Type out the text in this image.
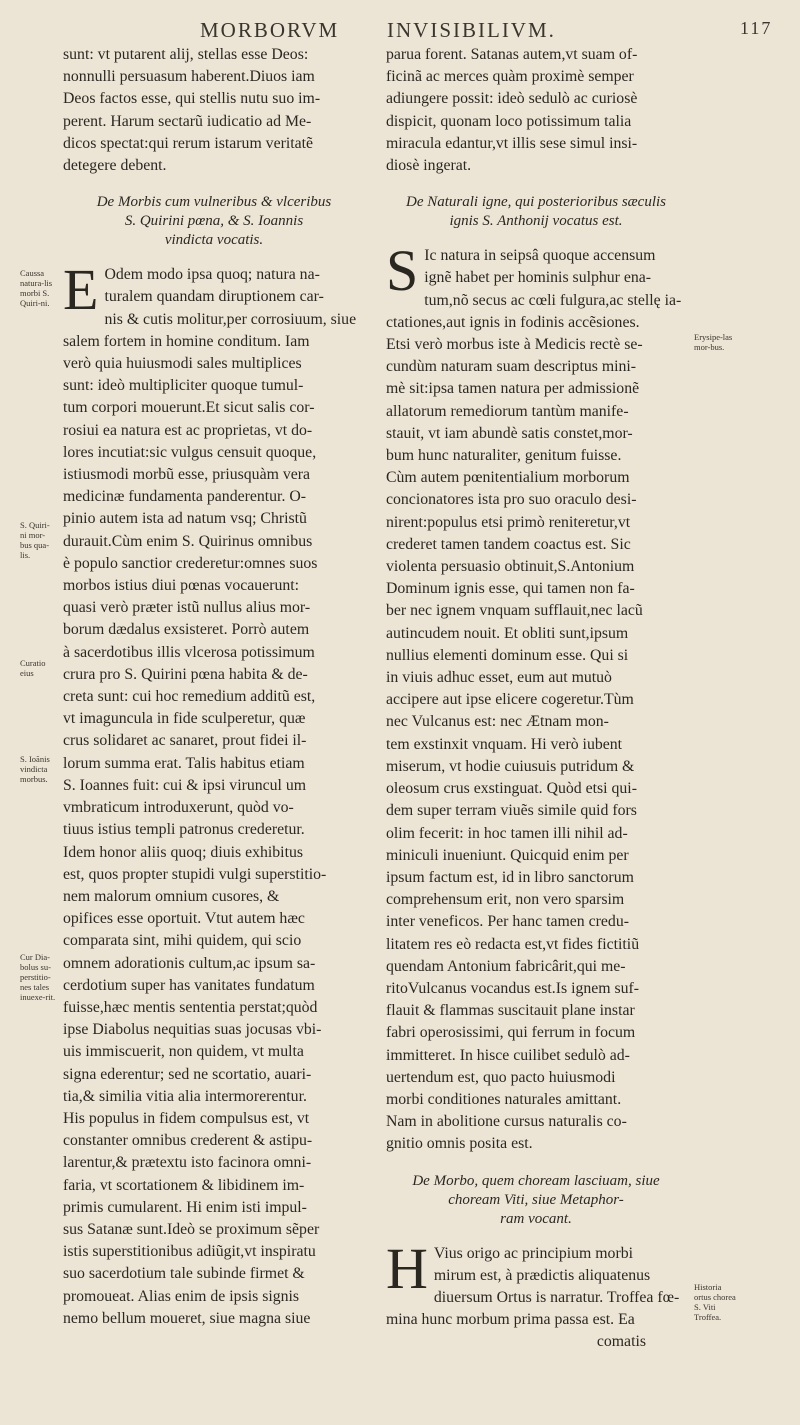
MORBORVM INVISIBILIVM.	117
sunt: vt putarent alij, stellas esse Deos:
nonnulli persuasum haberent.Diuos iam
Deos factos esse, qui stellis nutu suo im-
perent. Harum sectarũ iudicatio ad Me-
dicos spectat:qui rerum istarum veritatẽ
detegere debent.
De Morbis cum vulneribus & vlceribus
S. Quirini pœna, & S. Ioannis
vindicta vocatis.
E Odem modo ipsa quoq; natura na-
turalem quandam diruptionem car-
nis & cutis molitur,per corrosiuum, siue
salem fortem in homine conditum. Iam
verò quia huiusmodi sales multiplices
sunt: ideò multipliciter quoque tumul-
tum corpori mouerunt.Et sicut salis cor-
rosiui ea natura est ac proprietas, vt do-
lores incutiat:sic vulgus censuit quoque,
istiusmodi morbũ esse, priusquàm vera
medicinæ fundamenta panderentur. O-
pinio autem ista ad natum vsq; Christũ
durauit.Cùm enim S. Quirinus omnibus
è populo sanctior crederetur:omnes suos
morbos istius diui pœnas vocauerunt:
quasi verò præter istũ nullus alius mor-
borum dædalus exsisteret. Porrò autem
à sacerdotibus illis vlcerosa potissimum
crura pro S. Quirini pœna habita & de-
creta sunt: cui hoc remedium additũ est,
vt imaguncula in fide sculperetur, quæ
crus solidaret ac sanaret, prout fidei il-
lorum summa erat. Talis habitus etiam
S. Ioannes fuit: cui & ipsi viruncul um
vmbraticum introduxerunt, quòd vo-
tiuus istius templi patronus crederetur.
Idem honor aliis quoq; diuis exhibitus
est, quos propter stupidi vulgi superstitio-
nem malorum omnium cusores, &
opifices esse oportuit. Vtut autem hæc
comparata sint, mihi quidem, qui scio
omnem adorationis cultum,ac ipsum sa-
cerdotium super has vanitates fundatum
fuisse,hæc mentis sententia perstat;quòd
ipse Diabolus nequitias suas jocusas vbi-
uis immiscuerit, non quidem, vt multa
signa ederentur; sed ne scortatio, auari-
tia,& similia vitia alia intermorerentur.
His populus in fidem compulsus est, vt
constanter omnibus crederent & astipu-
larentur,& prætextu isto facinora omni-
faria, vt scortationem & libidinem im-
primis cumularent. Hi enim isti impul-
sus Satanæ sunt.Ideò se proximum sẽper
istis superstitionibus adiũgit,vt inspiratu
suo sacerdotium tale subinde firmet &
promoueat. Alias enim de ipsis signis
nemo bellum moueret, siue magna siue
parua forent. Satanas autem,vt suam of-
ficinã ac merces quàm proximè semper
adiungere possit: ideò sedulò ac curiosè
dispicit, quonam loco potissimum talia
miracula edantur,vt illis sese simul insi-
diosè ingerat.
De Naturali igne, qui posterioribus sæculis
ignis S. Anthonij vocatus est.
S Ic natura in seipsâ quoque accensum
ignẽ habet per hominis sulphur ena-
tum,nõ secus ac cœli fulgura,ac stellę ia-
ctationes,aut ignis in fodinis accẽsiones.
Etsi verò morbus iste à Medicis rectè se-
cundùm naturam suam descriptus mini-
mè sit:ipsa tamen natura per admissionẽ
allatorum remediorum tantùm manife-
stauit, vt iam abundè satis constet,mor-
bum hunc naturaliter, genitum fuisse.
Cùm autem pœnitentialium morborum
concionatores ista pro suo oraculo desi-
nirent:populus etsi primò reniteretur,vt
crederet tamen tandem coactus est. Sic
violenta persuasio obtinuit,S.Antonium
Dominum ignis esse, qui tamen non fa-
ber nec ignem vnquam sufflauit,nec lacũ
autincudem nouit. Et obliti sunt,ipsum
nullius elementi dominum esse. Qui si
in viuis adhuc esset, eum aut mutuò
accipere aut ipse elicere cogeretur.Tùm
nec Vulcanus est: nec Ætnam mon-
tem exstinxit vnquam. Hi verò iubent
miserum, vt hodie cuiusuis putridum &
oleosum crus exstinguat. Quòd etsi qui-
dem super terram viuẽs simile quid fors
olim fecerit: in hoc tamen illi nihil ad-
miniculi inueniunt. Quicquid enim per
ipsum factum est, id in libro sanctorum
comprehensum erit, non vero sparsim
inter veneficos. Per hanc tamen credu-
litatem res eò redacta est,vt fides fictitiũ
quendam Antonium fabricârit,qui me-
ritoVulcanus vocandus est.Is ignem suf-
flauit & flammas suscitauit plane instar
fabri operosissimi, qui ferrum in focum
immitteret. In hisce cuilibet sedulò ad-
uertendum est, quo pacto huiusmodi
morbi conditiones naturales amittant.
Nam in abolitione cursus naturalis co-
gnitio omnis posita est.
De Morbo, quem choream lasciuam, siue
choream Viti, siue Metaphor-
ram vocant.
H Vius origo ac principium morbi
mirum est, à prædictis aliquatenus
diuersum Ortus is narratur. Troffea fœ-
mina hunc morbum prima passa est. Ea
comatis
Caussa natura-lis morbi S. Quiri-ni.
S. Quiri-ni mor-bus qua-lis.
Curatio eius
S. Ioãnis vindicta morbus.
Cur Dia-bolus su-perstitio-nes tales inuexe-rit.
Erysipe-las mor-bus.
Historia ortus chorea S. Viti Troffea.
